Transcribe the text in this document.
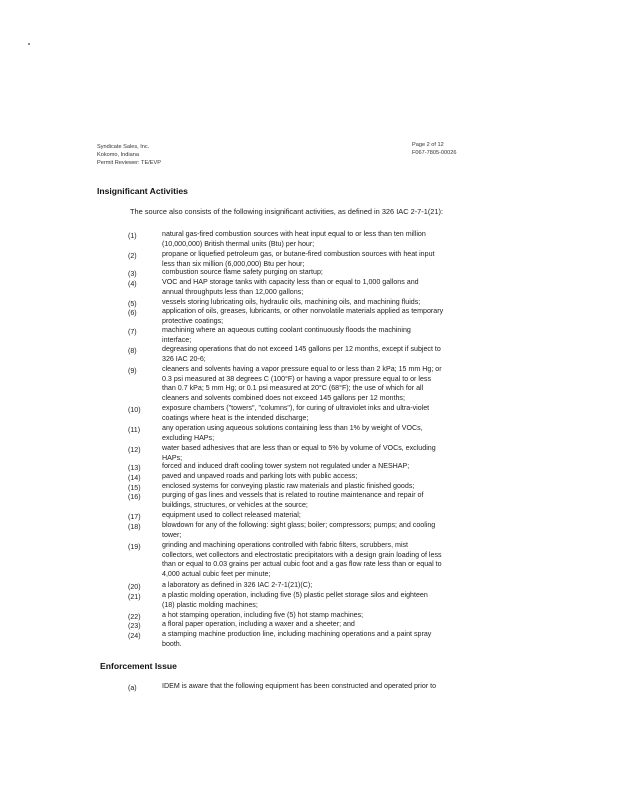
Syndicate Sales, Inc.
Kokomo, Indiana
Permit Reviewer: TE/EVP
Page 2 of 12
F067-7805-00026
Insignificant Activities
The source also consists of the following insignificant activities, as defined in 326 IAC 2-7-1(21):
(1)	natural gas-fired combustion sources with heat input equal to or less than ten million
(10,000,000) British thermal units (Btu) per hour;
(2)	propane or liquefied petroleum gas, or butane-fired combustion sources with heat input
less than six million (6,000,000) Btu per hour;
(3)	combustion source flame safety purging on startup;
(4)	VOC and HAP storage tanks with capacity less than or equal to 1,000 gallons and
annual throughputs less than 12,000 gallons;
(5)	vessels storing lubricating oils, hydraulic oils, machining oils, and machining fluids;
(6)	application of oils, greases, lubricants, or other nonvolatile materials applied as temporary
protective coatings;
(7)	machining where an aqueous cutting coolant continuously floods the machining
interface;
(8)	degreasing operations that do not exceed 145 gallons per 12 months, except if subject to
326 IAC 20-6;
(9)	cleaners and solvents having a vapor pressure equal to or less than 2 kPa; 15 mm Hg; or
0.3 psi measured at 38 degrees C (100°F) or having a vapor pressure equal to or less
than 0.7 kPa; 5 mm Hg; or 0.1 psi measured at 20°C (68°F); the use of which for all
cleaners and solvents combined does not exceed 145 gallons per 12 months;
(10)	exposure chambers ("towers", "columns"), for curing of ultraviolet inks and ultra-violet
coatings where heat is the intended discharge;
(11)	any operation using aqueous solutions containing less than 1% by weight of VOCs,
excluding HAPs;
(12)	water based adhesives that are less than or equal to 5% by volume of VOCs, excluding
HAPs;
(13)	forced and induced draft cooling tower system not regulated under a NESHAP;
(14)	paved and unpaved roads and parking lots with public access;
(15)	enclosed systems for conveying plastic raw materials and plastic finished goods;
(16)	purging of gas lines and vessels that is related to routine maintenance and repair of
buildings, structures, or vehicles at the source;
(17)	equipment used to collect released material;
(18)	blowdown for any of the following: sight glass; boiler; compressors; pumps; and cooling
tower;
(19)	grinding and machining operations controlled with fabric filters, scrubbers, mist
collectors, wet collectors and electrostatic precipitators with a design grain loading of less
than or equal to 0.03 grains per actual cubic foot and a gas flow rate less than or equal to
4,000 actual cubic feet per minute;
(20)	a laboratory as defined in 326 IAC 2-7-1(21)(C);
(21)	a plastic molding operation, including five (5) plastic pellet storage silos and eighteen
(18) plastic molding machines;
(22)	a hot stamping operation, including five (5) hot stamp machines;
(23)	a floral paper operation, including a waxer and a sheeter; and
(24)	a stamping machine production line, including machining operations and a paint spray
booth.
Enforcement Issue
(a)	IDEM is aware that the following equipment has been constructed and operated prior to
